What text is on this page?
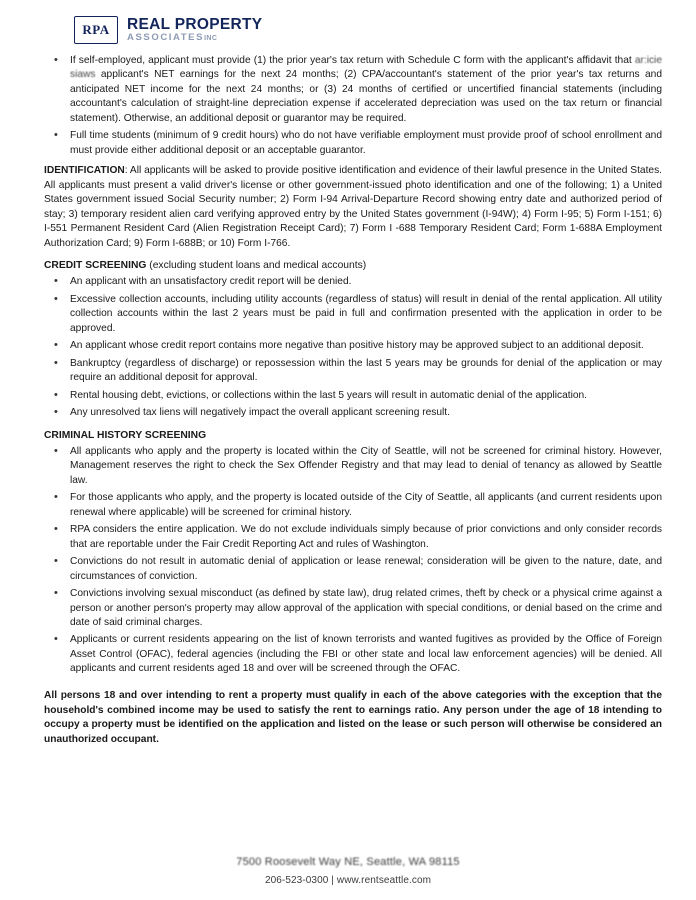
RPA REAL PROPERTY
ASSOCIATESINC
• If self-employed, applicant must provide (1) the prior year's tax return with Schedule C form with the applicant's affidavit that ar:icie siaws applicant's NET earnings for the next 24 months; (2) CPA/accountant's statement of the prior year's tax returns and anticipated NET income for the next 24 months; or (3) 24 months of certified or uncertified financial statements (including accountant's calculation of straight-line depreciation expense if accelerated depreciation was used on the tax return or financial statement). Otherwise, an additional deposit or guarantor may be required.
• Full time students (minimum of 9 credit hours) who do not have verifiable employment must provide proof of school enrollment and must provide either additional deposit or an acceptable guarantor.

IDENTIFICATION: All applicants will be asked to provide positive identification and evidence of their lawful presence in the United States. All applicants must present a valid driver's license or other government-issued photo identification and one of the following; 1) a United States government issued Social Security number; 2) Form I-94 Arrival-Departure Record showing entry date and authorized period of stay; 3) temporary resident alien card verifying approved entry by the United States government (I-94W); 4) Form I-95; 5) Form I-151; 6) I-551 Permanent Resident Card (Alien Registration Receipt Card); 7) Form I -688 Temporary Resident Card; Form 1-688A Employment Authorization Card; 9) Form I-688B; or 10) Form I-766.

CREDIT SCREENING (excluding student loans and medical accounts)

• An applicant with an unsatisfactory credit report will be denied.
• Excessive collection accounts, including utility accounts (regardless of status) will result in denial of the rental application. All utility collection accounts within the last 2 years must be paid in full and confirmation presented with the application in order to be approved.
• An applicant whose credit report contains more negative than positive history may be approved subject to an additional deposit.
• Bankruptcy (regardless of discharge) or repossession within the last 5 years may be grounds for denial of the application or may require an additional deposit for approval.
• Rental housing debt, evictions, or collections within the last 5 years will result in automatic denial of the application.
• Any unresolved tax liens will negatively impact the overall applicant screening result.

CRIMINAL HISTORY SCREENING

• All applicants who apply and the property is located within the City of Seattle, will not be screened for criminal history. However, Management reserves the right to check the Sex Offender Registry and that may lead to denial of tenancy as allowed by Seattle law.
• For those applicants who apply, and the property is located outside of the City of Seattle, all applicants (and current residents upon renewal where applicable) will be screened for criminal history.
• RPA considers the entire application. We do not exclude individuals simply because of prior convictions and only consider records that are reportable under the Fair Credit Reporting Act and rules of Washington.
• Convictions do not result in automatic denial of application or lease renewal; consideration will be given to the nature, date, and circumstances of conviction.
• Convictions involving sexual misconduct (as defined by state law), drug related crimes, theft by check or a physical crime against a person or another person's property may allow approval of the application with special conditions, or denial based on the crime and date of said criminal charges.
• Applicants or current residents appearing on the list of known terrorists and wanted fugitives as provided by the Office of Foreign Asset Control (OFAC), federal agencies (including the FBI or other state and local law enforcement agencies) will be denied. All applicants and current residents aged 18 and over will be screened through the OFAC.

All persons 18 and over intending to rent a property must qualify in each of the above categories with the exception that the household's combined income may be used to satisfy the rent to earnings ratio. Any person under the age of 18 intending to occupy a property must be identified on the application and listed on the lease or such person will otherwise be considered an unauthorized occupant.

7500 Roosevelt Way NE, Seattle, WA 98115
206-523-0300 | www.rentseattle.com
